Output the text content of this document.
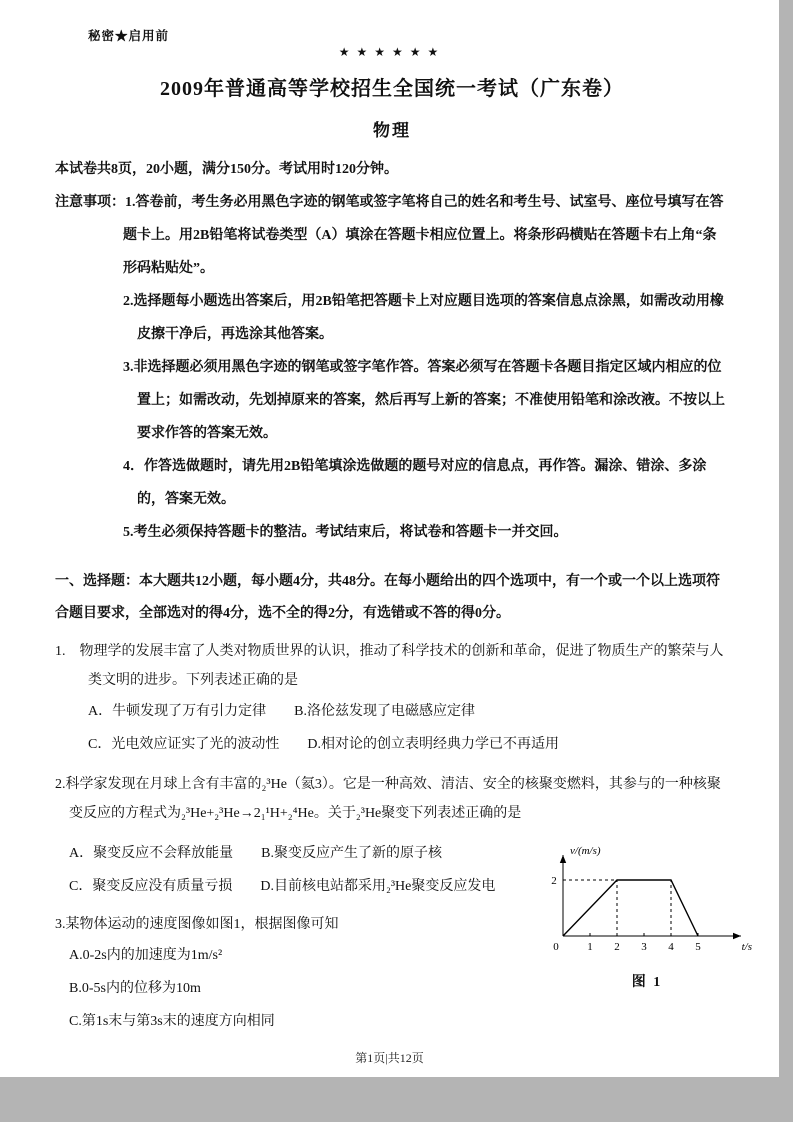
秘密★启用前
★★★★★★
2009年普通高等学校招生全国统一考试（广东卷）
物理

本试卷共8页，20小题，满分150分。考试用时120分钟。

注意事项：1.答卷前，考生务必用黑色字迹的钢笔或签字笔将自己的姓名和考生号、试室号、座位号填写在答题卡上。用2B铅笔将试卷类型（A）填涂在答题卡相应位置上。将条形码横贴在答题卡右上角“条形码粘贴处”。

2.选择题每小题选出答案后，用2B铅笔把答题卡上对应题目选项的答案信息点涂黑，如需改动用橡皮擦干净后，再选涂其他答案。

3.非选择题必须用黑色字迹的钢笔或签字笔作答。答案必须写在答题卡各题目指定区域内相应的位置上；如需改动，先划掉原来的答案，然后再写上新的答案；不准使用铅笔和涂改液。不按以上要求作答的答案无效。

4．作答选做题时，请先用2B铅笔填涂选做题的题号对应的信息点，再作答。漏涂、错涂、多涂的，答案无效。

5.考生必须保持答题卡的整洁。考试结束后，将试卷和答题卡一并交回。

一、选择题：本大题共12小题，每小题4分，共48分。在每小题给出的四个选项中，有一个或一个以上选项符合题目要求，全部选对的得4分，选不全的得2分，有选错或不答的得0分。

1.　物理学的发展丰富了人类对物质世界的认识，推动了科学技术的创新和革命，促进了物质生产的繁荣与人类文明的进步。下列表述正确的是

A．牛顿发现了万有引力定律 B.洛伦兹发现了电磁感应定律

C．光电效应证实了光的波动性 D.相对论的创立表明经典力学已不再适用

2.科学家发现在月球上含有丰富的₂³He（氦3）。它是一种高效、清洁、安全的核聚变燃料，其参与的一种核聚变反应的方程式为₂³He+₂³He→2₁¹H+₂⁴He。关于₂³He聚变下列表述正确的是

A．聚变反应不会释放能量 B.聚变反应产生了新的原子核

C．聚变反应没有质量亏损 D.目前核电站都采用₂³He聚变反应发电

3.某物体运动的速度图像如图1，根据图像可知

A.0-2s内的加速度为1m/s²

B.0-5s内的位移为10m

C.第1s末与第3s末的速度方向相同

0	1 2 3 4 5
2
v/(m/s)
t/s
图 1
第1页|共12页
